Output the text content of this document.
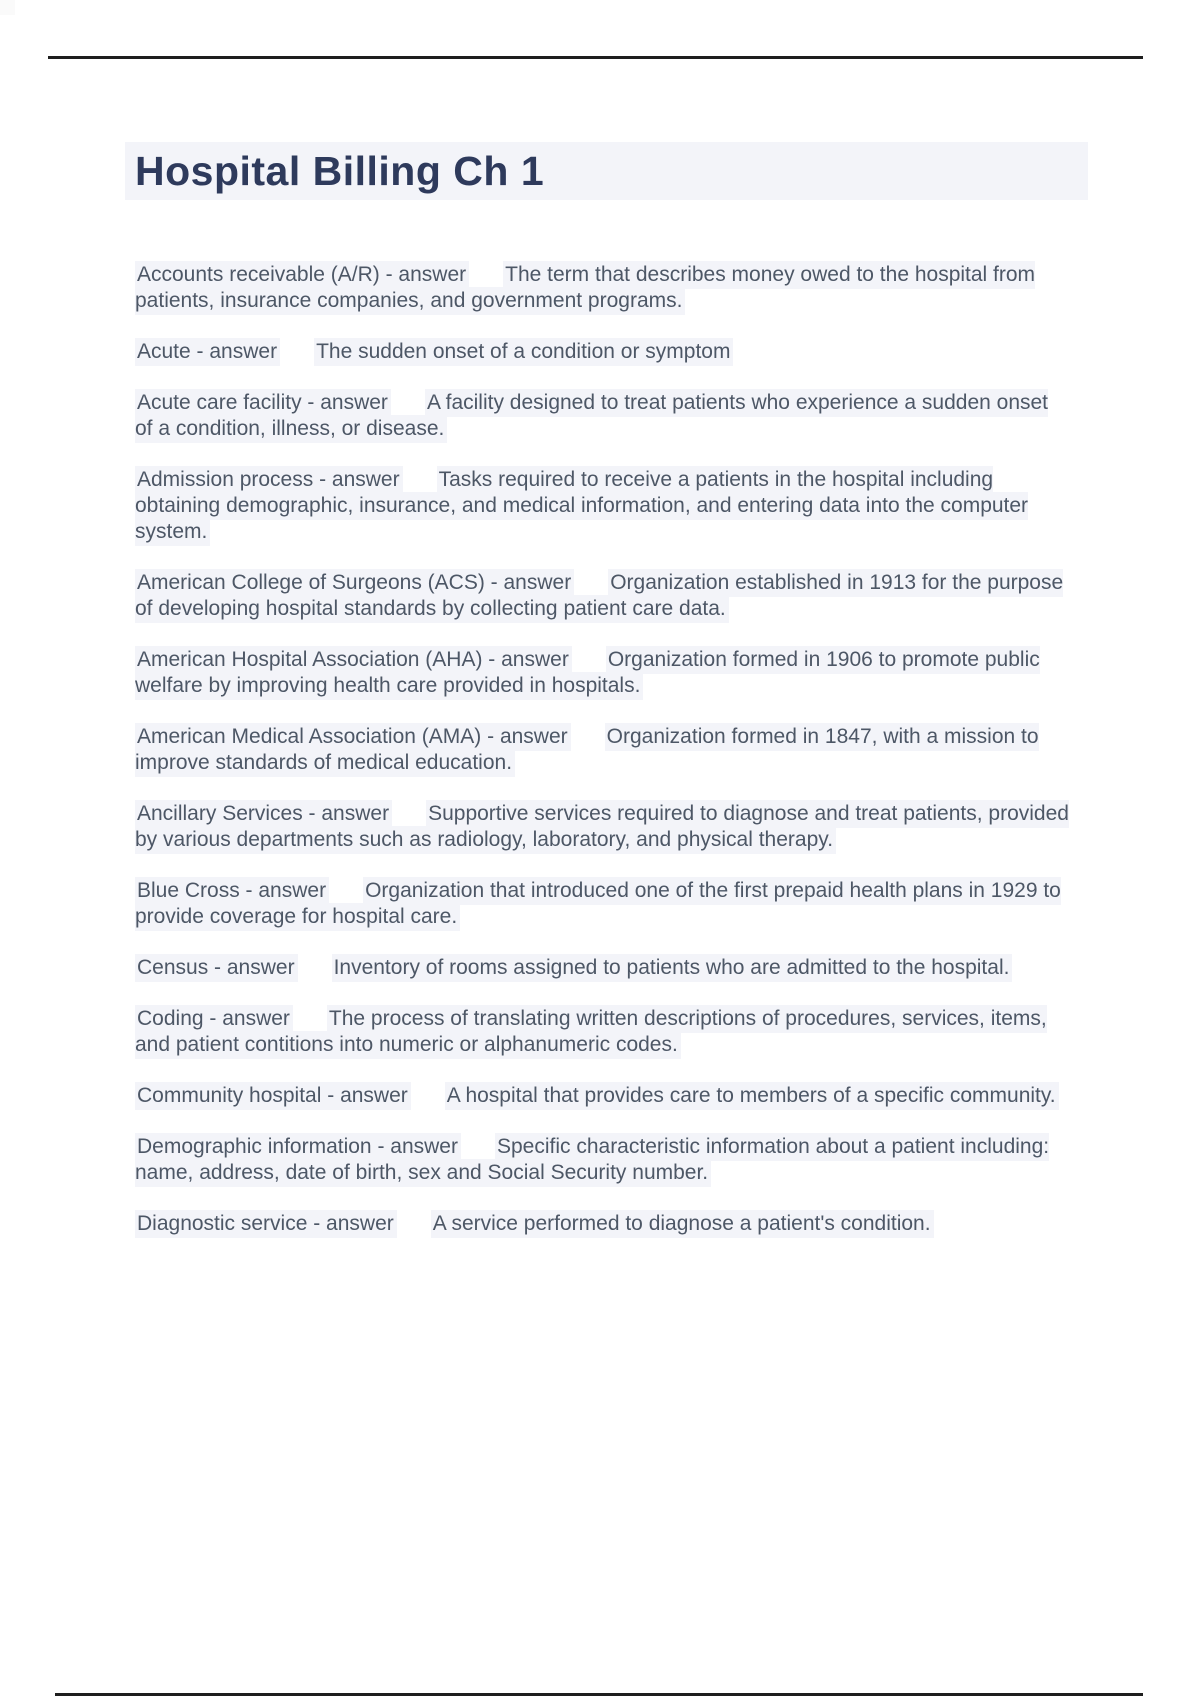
Hospital Billing Ch 1

Accounts receivable (A/R) - answer The term that describes money owed to the hospital from patients, insurance companies, and government programs.

Acute - answer The sudden onset of a condition or symptom

Acute care facility - answer A facility designed to treat patients who experience a sudden onset of a condition, illness, or disease.

Admission process - answer Tasks required to receive a patients in the hospital including obtaining demographic, insurance, and medical information, and entering data into the computer system.

American College of Surgeons (ACS) - answer Organization established in 1913 for the purpose of developing hospital standards by collecting patient care data.

American Hospital Association (AHA) - answer Organization formed in 1906 to promote public welfare by improving health care provided in hospitals.

American Medical Association (AMA) - answer Organization formed in 1847, with a mission to improve standards of medical education.

Ancillary Services - answer Supportive services required to diagnose and treat patients, provided by various departments such as radiology, laboratory, and physical therapy.

Blue Cross - answer Organization that introduced one of the first prepaid health plans in 1929 to provide coverage for hospital care.

Census - answer Inventory of rooms assigned to patients who are admitted to the hospital.

Coding - answer The process of translating written descriptions of procedures, services, items, and patient contitions into numeric or alphanumeric codes.

Community hospital - answer A hospital that provides care to members of a specific community.

Demographic information - answer Specific characteristic information about a patient including: name, address, date of birth, sex and Social Security number.

Diagnostic service - answer A service performed to diagnose a patient's condition.
